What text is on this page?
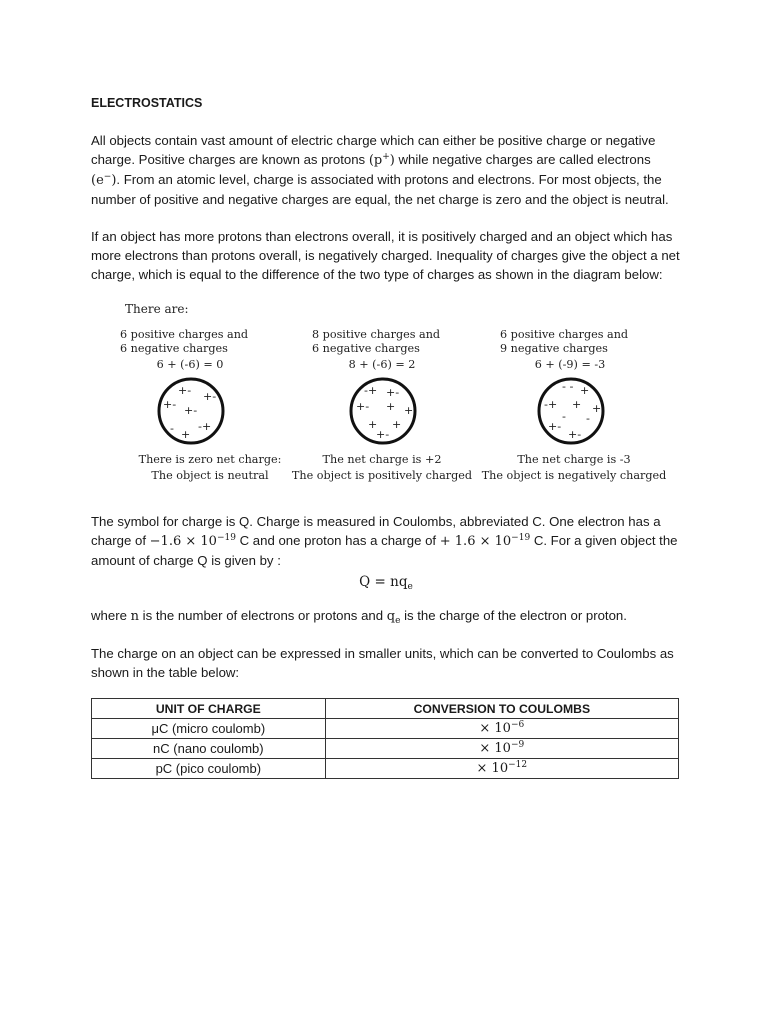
ELECTROSTATICS

All objects contain vast amount of electric charge which can either be positive charge or negative charge. Positive charges are known as protons (p+) while negative charges are called electrons (e−). From an atomic level, charge is associated with protons and electrons. For most objects, the number of positive and negative charges are equal, the net charge is zero and the object is neutral.

If an object has more protons than electrons overall, it is positively charged and an object which has more electrons than protons overall, is negatively charged. Inequality of charges give the object a net charge, which is equal to the difference of the two type of charges as shown in the diagram below:

There are:
6 positive charges and
6 negative charges
6 + (-6) = 0
+- +-
+- +-
- -+
+
There is zero net charge:
The object is neutral
8 positive charges and
6 negative charges
8 + (-6) = 2
-+ +-
+- + +
+ +
+-
The net charge is +2
The object is positively charged
6 positive charges and
9 negative charges
6 + (-9) = -3
- - +
-+ + +
- -
+-
+-
The net charge is -3
The object is negatively charged

The symbol for charge is Q. Charge is measured in Coulombs, abbreviated C. One electron has a charge of $-1.6 \times 10^{-19}$ C and one proton has a charge of + $1.6 \times 10^{-19}$ C. For a given object the amount of charge Q is given by :

$Q = nq_e$

where n is the number of electrons or protons and $q_e$ is the charge of the electron or proton.

The charge on an object can be expressed in smaller units, which can be converted to Coulombs as shown in the table below:

UNIT OF CHARGE	CONVERSION TO COULOMBS
μC (micro coulomb)	× $10^{-6}$
nC (nano coulomb)	× $10^{-9}$
pC (pico coulomb)	× $10^{-12}$
